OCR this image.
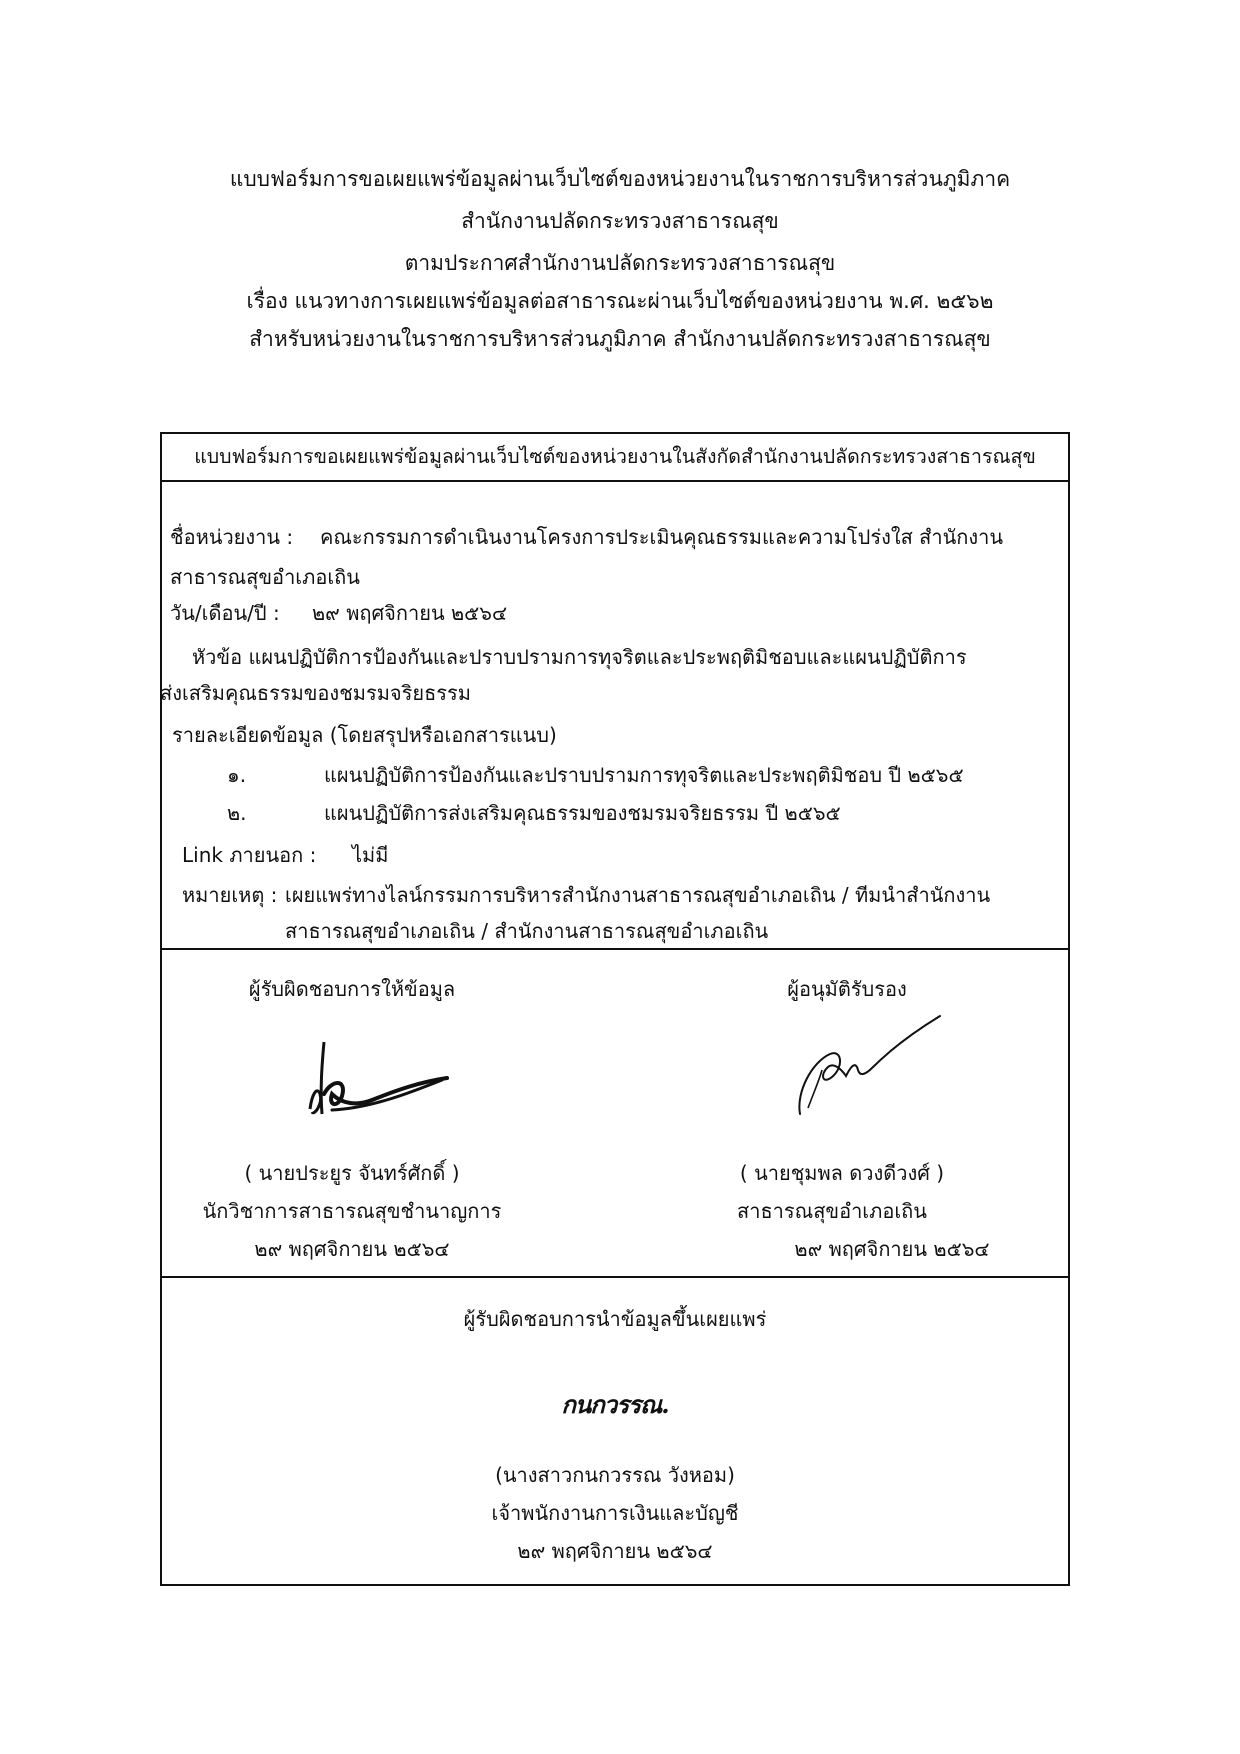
แบบฟอร์มการขอเผยแพร่ข้อมูลผ่านเว็บไซต์ของหน่วยงานในราชการบริหารส่วนภูมิภาค
สำนักงานปลัดกระทรวงสาธารณสุข
ตามประกาศสำนักงานปลัดกระทรวงสาธารณสุข
เรื่อง แนวทางการเผยแพร่ข้อมูลต่อสาธารณะผ่านเว็บไซต์ของหน่วยงาน พ.ศ. ๒๕๖๒
สำหรับหน่วยงานในราชการบริหารส่วนภูมิภาค สำนักงานปลัดกระทรวงสาธารณสุข
แบบฟอร์มการขอเผยแพร่ข้อมูลผ่านเว็บไซต์ของหน่วยงานในสังกัดสำนักงานปลัดกระทรวงสาธารณสุข
ชื่อหน่วยงาน : คณะกรรมการดำเนินงานโครงการประเมินคุณธรรมและความโปร่งใส สำนักงาน
สาธารณสุขอำเภอเถิน
วัน/เดือน/ปี : ๒๙ พฤศจิกายน ๒๕๖๔
หัวข้อ แผนปฏิบัติการป้องกันและปราบปรามการทุจริตและประพฤติมิชอบและแผนปฏิบัติการ
ส่งเสริมคุณธรรมของชมรมจริยธรรม
รายละเอียดข้อมูล (โดยสรุปหรือเอกสารแนบ)
๑.	แผนปฏิบัติการป้องกันและปราบปรามการทุจริตและประพฤติมิชอบ ปี ๒๕๖๕
๒.	แผนปฏิบัติการส่งเสริมคุณธรรมของชมรมจริยธรรม ปี ๒๕๖๕
Link ภายนอก : ไม่มี
หมายเหตุ : เผยแพร่ทางไลน์กรรมการบริหารสำนักงานสาธารณสุขอำเภอเถิน / ทีมนำสำนักงาน
สาธารณสุขอำเภอเถิน / สำนักงานสาธารณสุขอำเภอเถิน
ผู้รับผิดชอบการให้ข้อมูล
( นายประยูร จันทร์ศักดิ์ )
นักวิชาการสาธารณสุขชำนาญการ
๒๙ พฤศจิกายน ๒๕๖๔
ผู้อนุมัติรับรอง
( นายชุมพล ดวงดีวงศ์ )
สาธารณสุขอำเภอเถิน
๒๙ พฤศจิกายน ๒๕๖๔
ผู้รับผิดชอบการนำข้อมูลขึ้นเผยแพร่
กนกวรรณ.
(นางสาวกนกวรรณ วังหอม)
เจ้าพนักงานการเงินและบัญชี
๒๙ พฤศจิกายน ๒๕๖๔
